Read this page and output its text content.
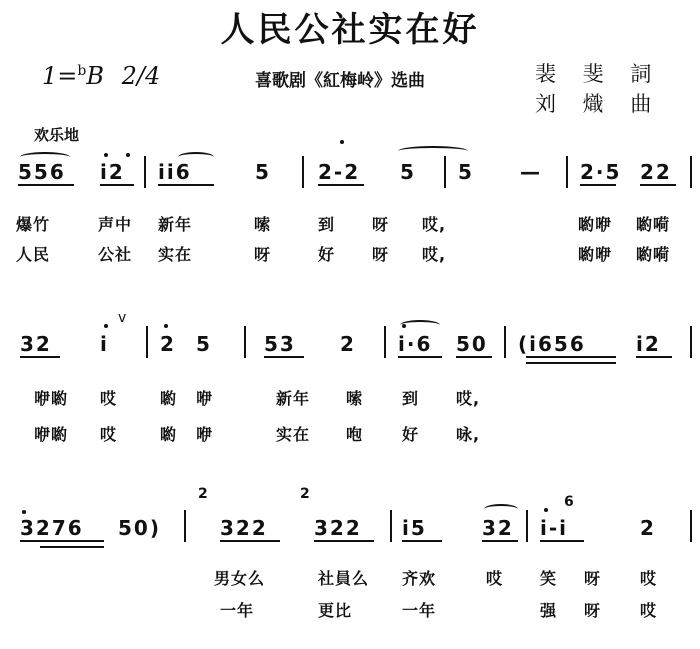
人民公社实在好
1=$^b$B 2/4	喜歌剧《紅梅岭》选曲	裴 斐 詞
刘 熾 曲
欢乐地
556 i2 ii6	5 2-2 5 5 — 2·5 22
爆竹	声中 新年	嗦	到 呀 哎,	喲咿 喲嗬
人民	公社 实在	呀	好 呀 哎,	喲咿 喲嗬
32 i	2 5	53 2 i·6 50 (i656	i2
v
咿喲 哎	喲 咿	新年 嗦 到 哎,
咿喲 哎	喲 咿	实在 咆 好 咏,
3276 50)	322 322 i5	32 i-i	2
2	2	6
男女么	社員么 齐欢	哎 笑 呀 哎
一年	更比	一年	强 呀 哎
